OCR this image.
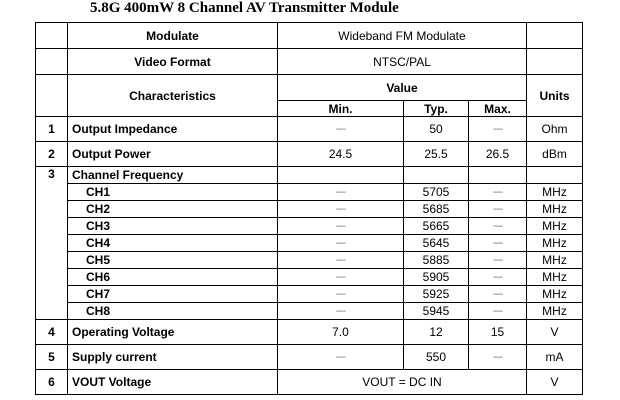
5.8G 400mW 8 Channel AV Transmitter Module
	Modulate	Wideband FM Modulate			
	Video Format	NTSC/PAL			
	Characteristics	Value			Units
		Min.	Typ.	Max.	
1	Output Impedance	----	50	----	Ohm
2	Output Power	24.5	25.5	26.5	dBm
3	Channel Frequency				
	CH1	----	5705	----	MHz
	CH2	----	5685	----	MHz
	CH3	----	5665	----	MHz
	CH4	----	5645	----	MHz
	CH5	----	5885	----	MHz
	CH6	----	5905	----	MHz
	CH7	----	5925	----	MHz
	CH8	----	5945	----	MHz
4	Operating Voltage	7.0	12	15	V
5	Supply current	----	550	----	mA
6	VOUT Voltage	VOUT = DC IN			V
